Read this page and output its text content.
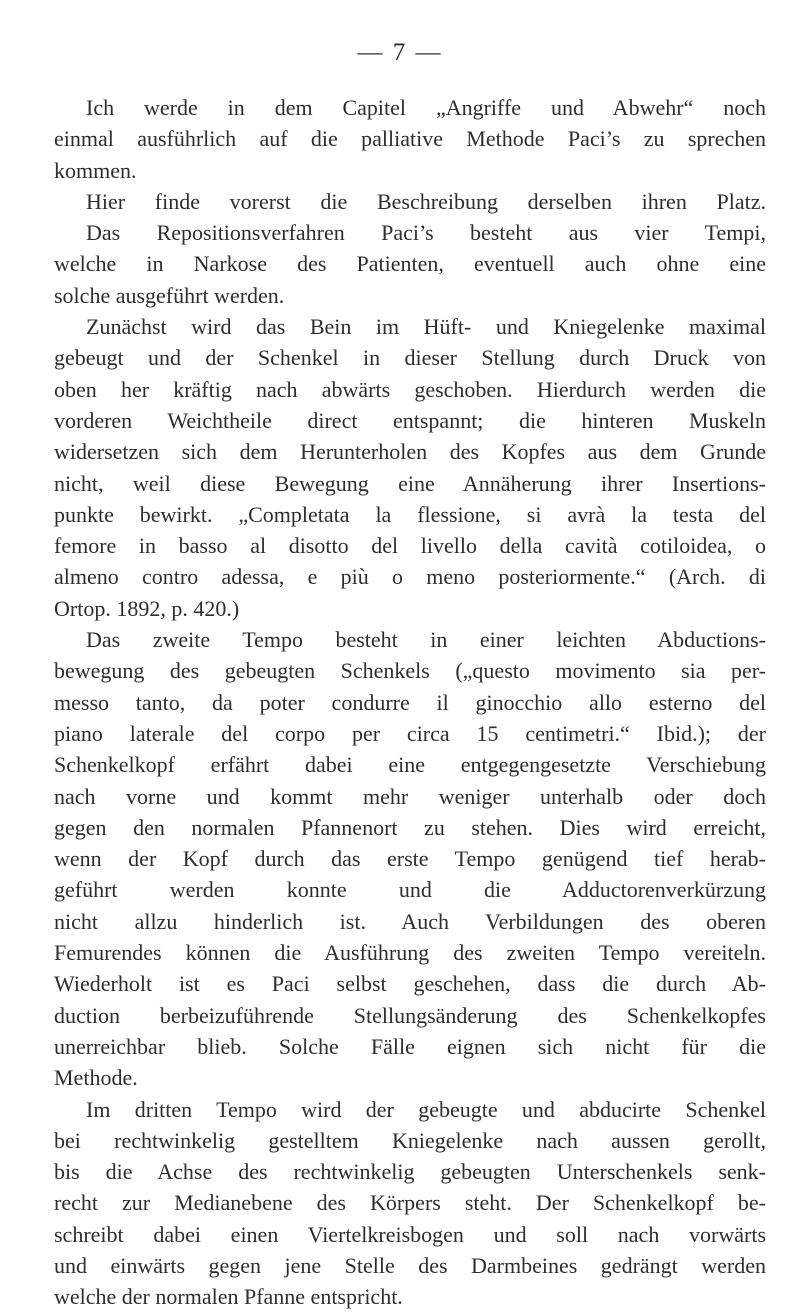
— 7 —
Ich werde in dem Capitel „Angriffe und Abwehr“ noch
einmal ausführlich auf die palliative Methode Paci’s zu sprechen
kommen.
Hier finde vorerst die Beschreibung derselben ihren Platz.
Das Repositionsverfahren Paci’s besteht aus vier Tempi,
welche in Narkose des Patienten, eventuell auch ohne eine
solche ausgeführt werden.
Zunächst wird das Bein im Hüft- und Kniegelenke maximal
gebeugt und der Schenkel in dieser Stellung durch Druck von
oben her kräftig nach abwärts geschoben. Hierdurch werden die
vorderen Weichtheile direct entspannt; die hinteren Muskeln
widersetzen sich dem Herunterholen des Kopfes aus dem Grunde
nicht, weil diese Bewegung eine Annäherung ihrer Insertions-
punkte bewirkt. „Completata la flessione, si avrà la testa del
femore in basso al disotto del livello della cavità cotiloidea, o
almeno contro adessa, e più o meno posteriormente.“ (Arch. di
Ortop. 1892, p. 420.)
Das zweite Tempo besteht in einer leichten Abductions-
bewegung des gebeugten Schenkels („questo movimento sia per-
messo tanto, da poter condurre il ginocchio allo esterno del
piano laterale del corpo per circa 15 centimetri.“ Ibid.); der
Schenkelkopf erfährt dabei eine entgegengesetzte Verschiebung
nach vorne und kommt mehr weniger unterhalb oder doch
gegen den normalen Pfannenort zu stehen. Dies wird erreicht,
wenn der Kopf durch das erste Tempo genügend tief herab-
geführt werden konnte und die Adductorenverkürzung
nicht allzu hinderlich ist. Auch Verbildungen des oberen
Femurendes können die Ausführung des zweiten Tempo vereiteln.
Wiederholt ist es Paci selbst geschehen, dass die durch Ab-
duction berbeizuführende Stellungsänderung des Schenkelkopfes
unerreichbar blieb. Solche Fälle eignen sich nicht für die
Methode.
Im dritten Tempo wird der gebeugte und abducirte Schenkel
bei rechtwinkelig gestelltem Kniegelenke nach aussen gerollt,
bis die Achse des rechtwinkelig gebeugten Unterschenkels senk-
recht zur Medianebene des Körpers steht. Der Schenkelkopf be-
schreibt dabei einen Viertelkreisbogen und soll nach vorwärts
und einwärts gegen jene Stelle des Darmbeines gedrängt werden
welche der normalen Pfanne entspricht.
